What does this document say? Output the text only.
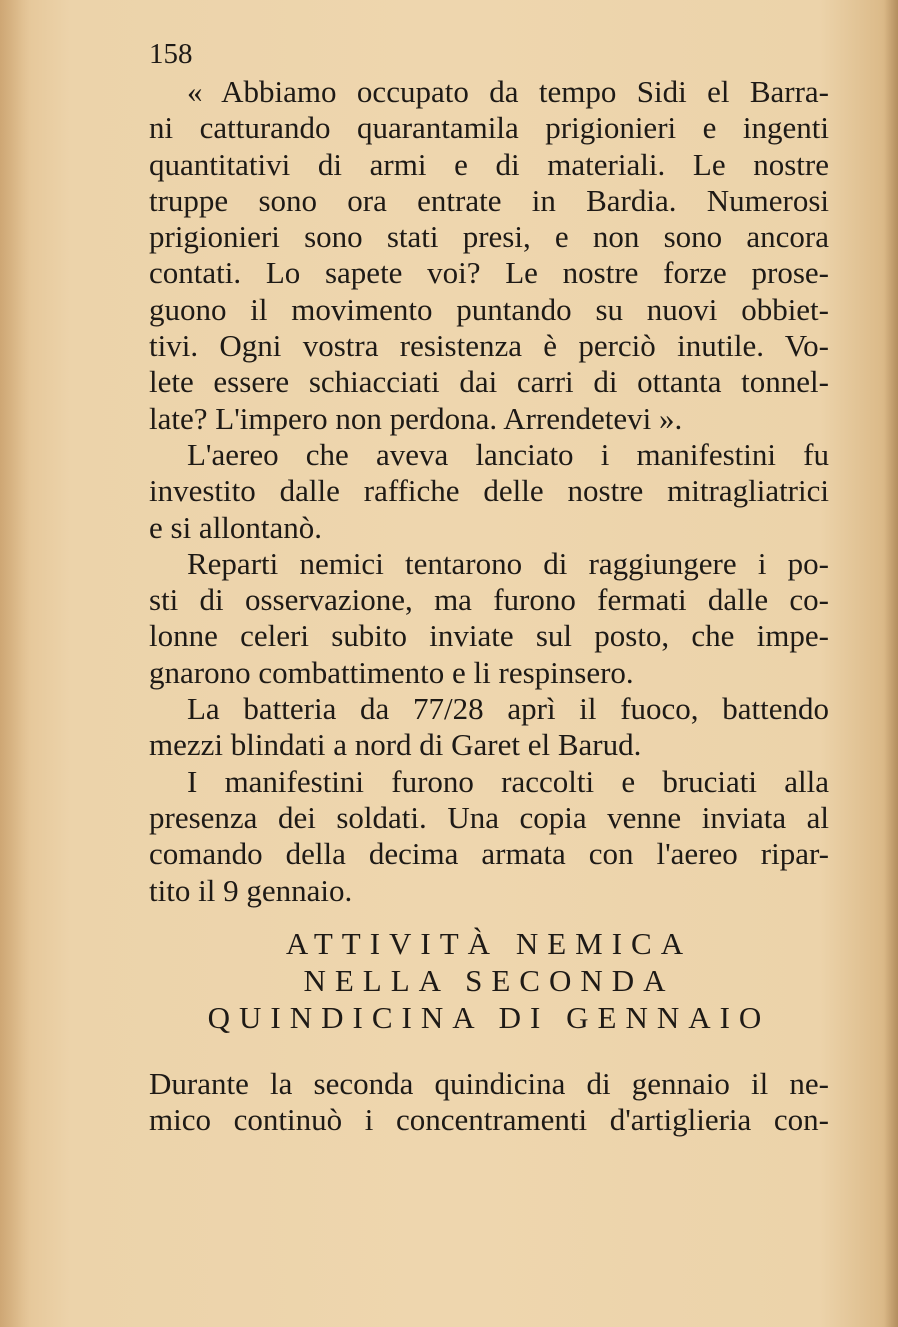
158
« Abbiamo occupato da tempo Sidi el Barra-
ni catturando quarantamila prigionieri e ingenti
quantitativi di armi e di materiali. Le nostre
truppe sono ora entrate in Bardia. Numerosi
prigionieri sono stati presi, e non sono ancora
contati. Lo sapete voi? Le nostre forze prose-
guono il movimento puntando su nuovi obbiet-
tivi. Ogni vostra resistenza è perciò inutile. Vo-
lete essere schiacciati dai carri di ottanta tonnel-
late? L'impero non perdona. Arrendetevi ».
L'aereo che aveva lanciato i manifestini fu
investito dalle raffiche delle nostre mitragliatrici
e si allontanò.
Reparti nemici tentarono di raggiungere i po-
sti di osservazione, ma furono fermati dalle co-
lonne celeri subito inviate sul posto, che impe-
gnarono combattimento e li respinsero.
La batteria da 77/28 aprì il fuoco, battendo
mezzi blindati a nord di Garet el Barud.
I manifestini furono raccolti e bruciati alla
presenza dei soldati. Una copia venne inviata al
comando della decima armata con l'aereo ripar-
tito il 9 gennaio.
ATTIVITÀ NEMICA
NELLA SECONDA
QUINDICINA DI GENNAIO
Durante la seconda quindicina di gennaio il ne-
mico continuò i concentramenti d'artiglieria con-
